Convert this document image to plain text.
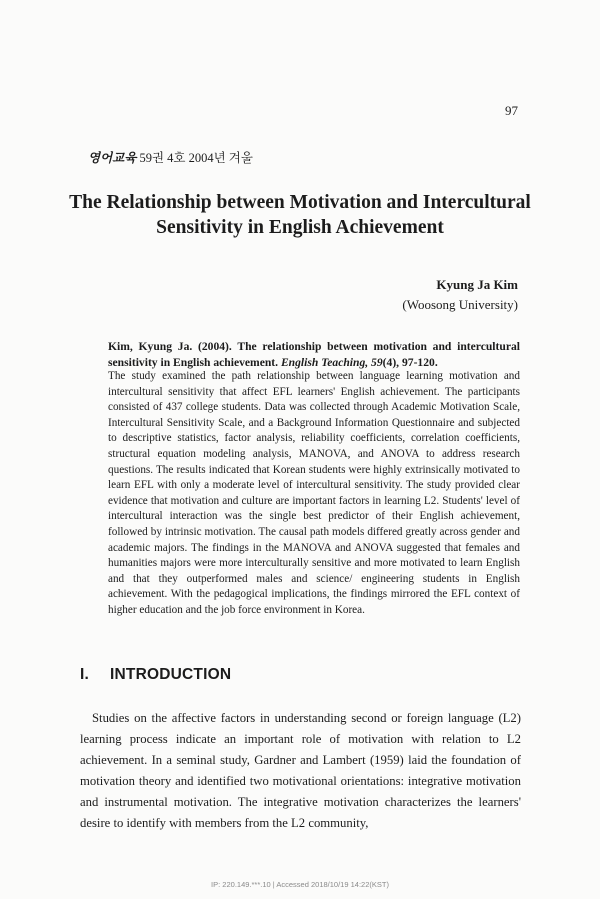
97
영어교육 59권 4호 2004년 겨울
The Relationship between Motivation and Intercultural Sensitivity in English Achievement
Kyung Ja Kim
(Woosong University)
Kim, Kyung Ja. (2004). The relationship between motivation and intercultural sensitivity in English achievement. English Teaching, 59(4), 97-120.

The study examined the path relationship between language learning motivation and intercultural sensitivity that affect EFL learners' English achievement. The participants consisted of 437 college students. Data was collected through Academic Motivation Scale, Intercultural Sensitivity Scale, and a Background Information Questionnaire and subjected to descriptive statistics, factor analysis, reliability coefficients, correlation coefficients, structural equation modeling analysis, MANOVA, and ANOVA to address research questions. The results indicated that Korean students were highly extrinsically motivated to learn EFL with only a moderate level of intercultural sensitivity. The study provided clear evidence that motivation and culture are important factors in learning L2. Students' level of intercultural interaction was the single best predictor of their English achievement, followed by intrinsic motivation. The causal path models differed greatly across gender and academic majors. The findings in the MANOVA and ANOVA suggested that females and humanities majors were more interculturally sensitive and more motivated to learn English and that they outperformed males and science/ engineering students in English achievement. With the pedagogical implications, the findings mirrored the EFL context of higher education and the job force environment in Korea.

I. INTRODUCTION

Studies on the affective factors in understanding second or foreign language (L2) learning process indicate an important role of motivation with relation to L2 achievement. In a seminal study, Gardner and Lambert (1959) laid the foundation of motivation theory and identified two motivational orientations: integrative motivation and instrumental motivation. The integrative motivation characterizes the learners' desire to identify with members from the L2 community,

IP: 220.149.***.10 | Accessed 2018/10/19 14:22(KST)
